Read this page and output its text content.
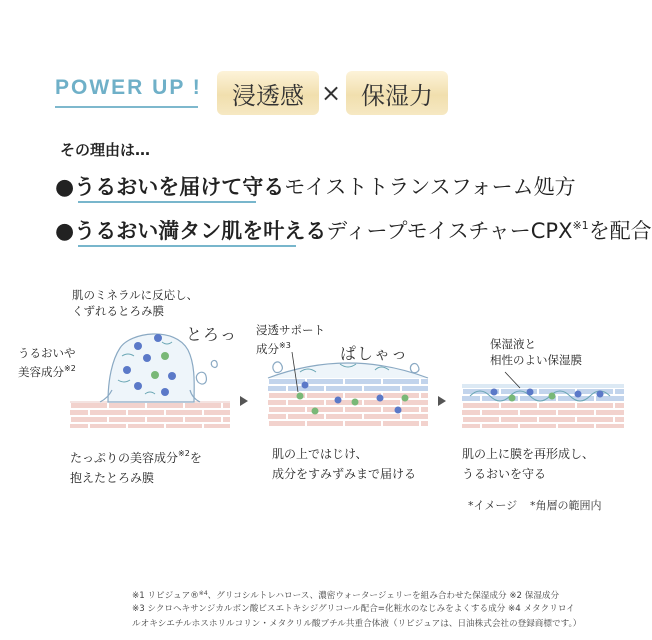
POWER UP !	浸透感 × 保湿力
その理由は…
●うるおいを届けて守るモイストトランスフォーム処方
●うるおい満タン肌を叶えるディープモイスチャーCPX$^{※1}$を配合
肌のミネラルに反応し、
くずれるとろみ膜
とろっ
うるおいや
美容成分$^{※2}$
たっぷりの美容成分$^{※2}$を
抱えたとろみ膜
浸透サポート
成分$^{※3}$	ぱしゃっ
肌の上ではじけ、
成分をすみずみまで届ける
保湿液と
相性のよい保湿膜
肌の上に膜を再形成し、
うるおいを守る
*イメージ *角層の範囲内
※1 リピジュア®$^{※4}$、グリコシルトレハロース、濃密ウォータージェリーを組み合わせた保湿成分 ※2 保湿成分
※3 シクロヘキサンジカルボン酸ビスエトキシジグリコール配合=化粧水のなじみをよくする成分 ※4 メタクリロイ
ルオキシエチルホスホリルコリン・メタクリル酸ブチル共重合体液（リピジュアは、日油株式会社の登録商標です。）
